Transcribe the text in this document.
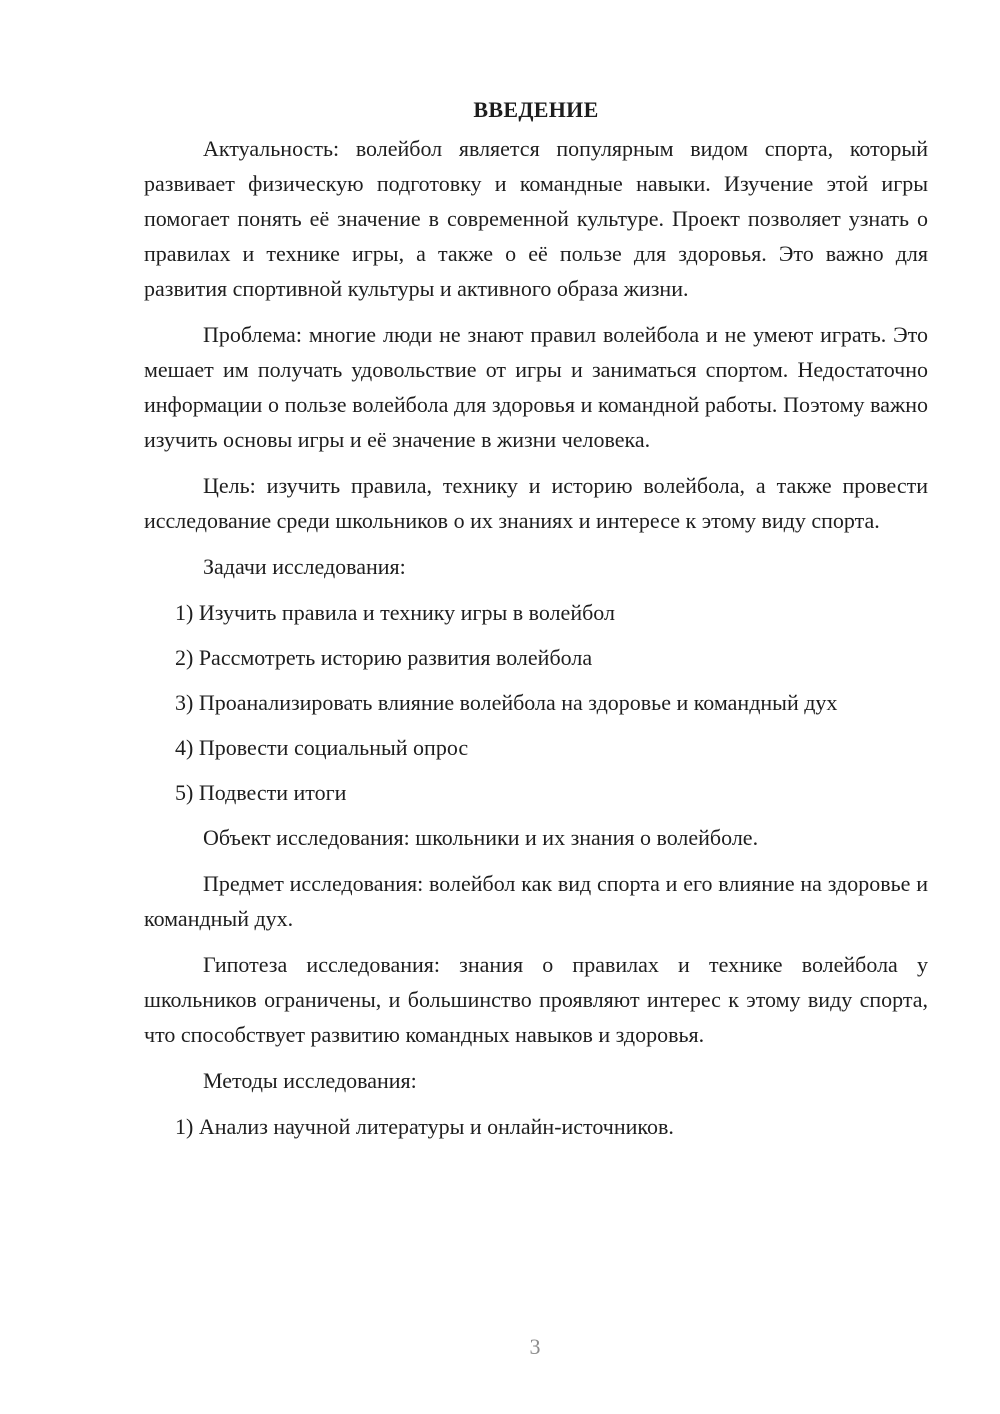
ВВЕДЕНИЕ

Актуальность: волейбол является популярным видом спорта, который развивает физическую подготовку и командные навыки. Изучение этой игры помогает понять её значение в современной культуре. Проект позволяет узнать о правилах и технике игры, а также о её пользе для здоровья. Это важно для развития спортивной культуры и активного образа жизни.

Проблема: многие люди не знают правил волейбола и не умеют играть. Это мешает им получать удовольствие от игры и заниматься спортом. Недостаточно информации о пользе волейбола для здоровья и командной работы. Поэтому важно изучить основы игры и её значение в жизни человека.

Цель: изучить правила, технику и историю волейбола, а также провести исследование среди школьников о их знаниях и интересе к этому виду спорта.

Задачи исследования:

1) Изучить правила и технику игры в волейбол

2) Рассмотреть историю развития волейбола

3) Проанализировать влияние волейбола на здоровье и командный дух

4) Провести социальный опрос

5) Подвести итоги

Объект исследования: школьники и их знания о волейболе.

Предмет исследования: волейбол как вид спорта и его влияние на здоровье и командный дух.

Гипотеза исследования: знания о правилах и технике волейбола у школьников ограничены, и большинство проявляют интерес к этому виду спорта, что способствует развитию командных навыков и здоровья.

Методы исследования:

1) Анализ научной литературы и онлайн-источников.

3
